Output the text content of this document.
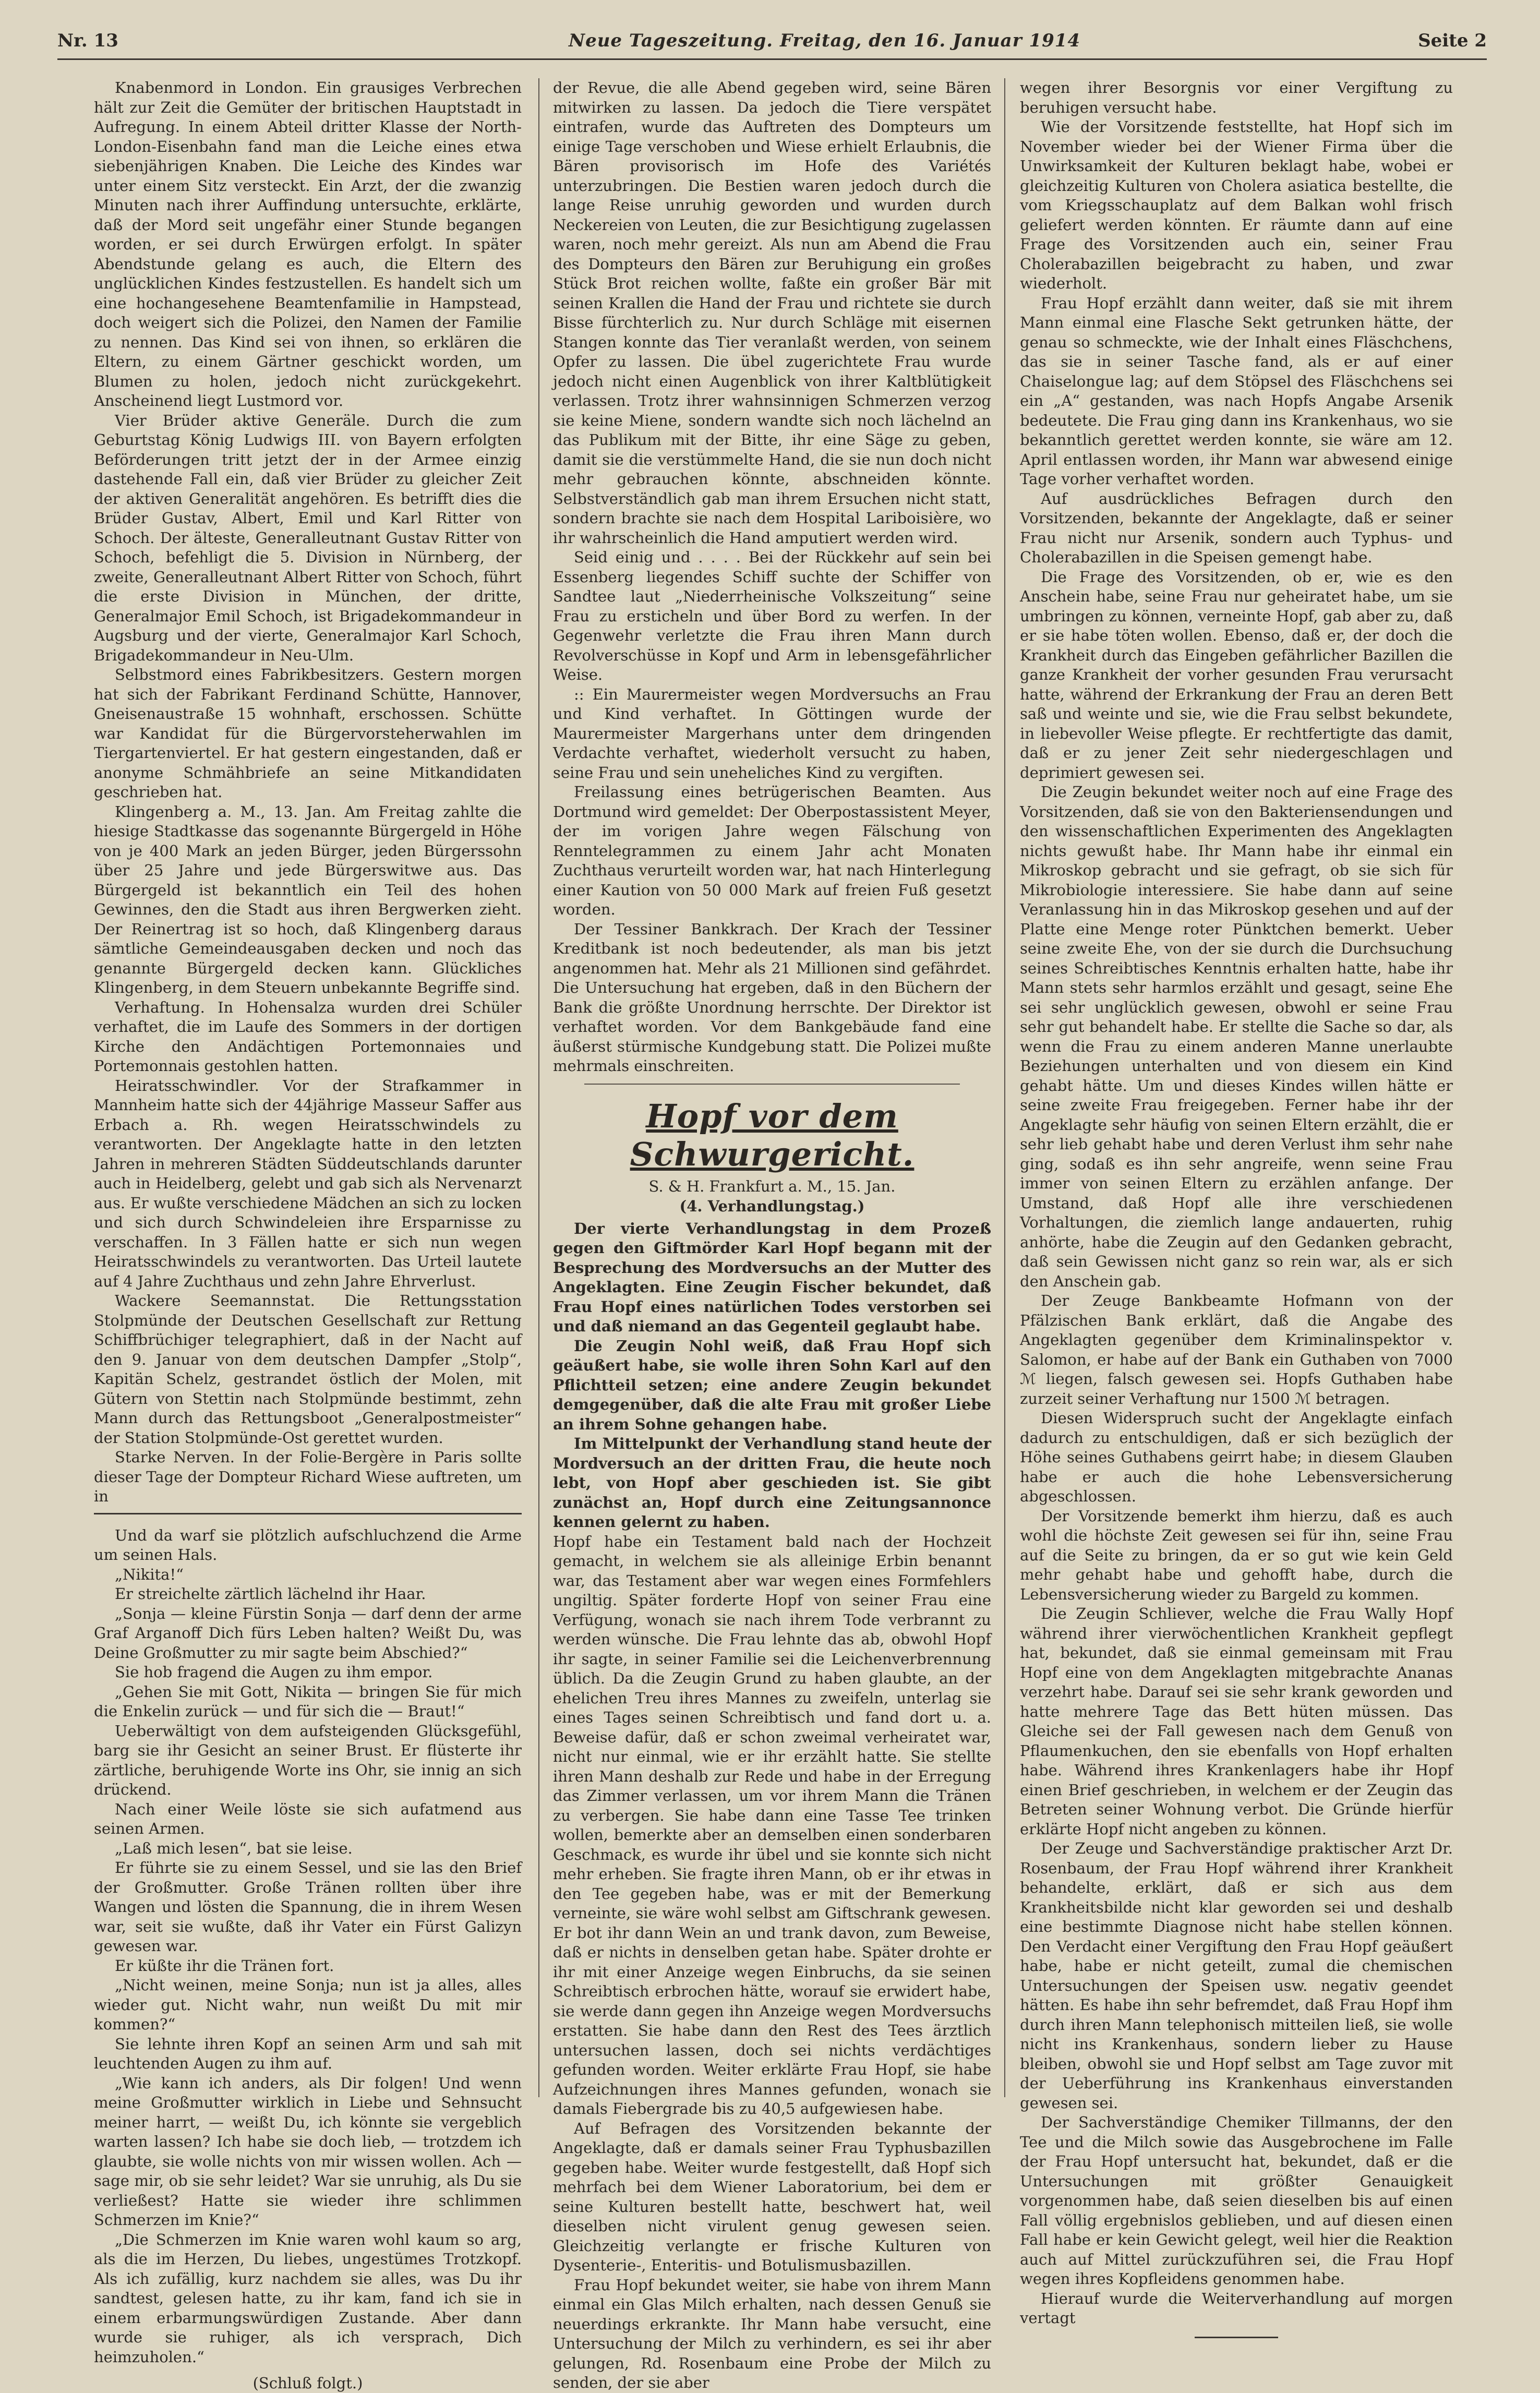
Nr. 13	Neue Tageszeitung. Freitag, den 16. Januar 1914	Seite 2

Knabenmord in London. Ein grausiges Verbrechen hält zur Zeit die Gemüter der britischen Hauptstadt in Aufregung. In einem Abteil dritter Klasse der North-London-Eisenbahn fand man die Leiche eines etwa siebenjährigen Knaben. Die Leiche des Kindes war unter einem Sitz versteckt. Ein Arzt, der die zwanzig Minuten nach ihrer Auffindung untersuchte, erklärte, daß der Mord seit ungefähr einer Stunde begangen worden, er sei durch Erwürgen erfolgt. In später Abendstunde gelang es auch, die Eltern des unglücklichen Kindes festzustellen. Es handelt sich um eine hochangesehene Beamtenfamilie in Hampstead, doch weigert sich die Polizei, den Namen der Familie zu nennen. Das Kind sei von ihnen, so erklären die Eltern, zu einem Gärtner geschickt worden, um Blumen zu holen, jedoch nicht zurückgekehrt. Anscheinend liegt Lustmord vor.

Vier Brüder aktive Generäle. Durch die zum Geburtstag König Ludwigs III. von Bayern erfolgten Beförderungen tritt jetzt der in der Armee einzig dastehende Fall ein, daß vier Brüder zu gleicher Zeit der aktiven Generalität angehören. Es betrifft dies die Brüder Gustav, Albert, Emil und Karl Ritter von Schoch. Der älteste, Generalleutnant Gustav Ritter von Schoch, befehligt die 5. Division in Nürnberg, der zweite, Generalleutnant Albert Ritter von Schoch, führt die erste Division in München, der dritte, Generalmajor Emil Schoch, ist Brigadekommandeur in Augsburg und der vierte, Generalmajor Karl Schoch, Brigadekommandeur in Neu-Ulm.

Selbstmord eines Fabrikbesitzers. Gestern morgen hat sich der Fabrikant Ferdinand Schütte, Hannover, Gneisenaustraße 15 wohnhaft, erschossen. Schütte war Kandidat für die Bürgervorsteherwahlen im Tiergartenviertel. Er hat gestern eingestanden, daß er anonyme Schmähbriefe an seine Mitkandidaten geschrieben hat.

Klingenberg a. M., 13. Jan. Am Freitag zahlte die hiesige Stadtkasse das sogenannte Bürgergeld in Höhe von je 400 Mark an jeden Bürger, jeden Bürgerssohn über 25 Jahre und jede Bürgerswitwe aus. Das Bürgergeld ist bekanntlich ein Teil des hohen Gewinnes, den die Stadt aus ihren Bergwerken zieht. Der Reinertrag ist so hoch, daß Klingenberg daraus sämtliche Gemeindeausgaben decken und noch das genannte Bürgergeld decken kann. Glückliches Klingenberg, in dem Steuern unbekannte Begriffe sind.

Verhaftung. In Hohensalza wurden drei Schüler verhaftet, die im Laufe des Sommers in der dortigen Kirche den Andächtigen Portemonnaies und Portemonnais gestohlen hatten.

Heiratsschwindler. Vor der Strafkammer in Mannheim hatte sich der 44jährige Masseur Saffer aus Erbach a. Rh. wegen Heiratsschwindels zu verantworten. Der Angeklagte hatte in den letzten Jahren in mehreren Städten Süddeutschlands darunter auch in Heidelberg, gelebt und gab sich als Nervenarzt aus. Er wußte verschiedene Mädchen an sich zu locken und sich durch Schwindeleien ihre Ersparnisse zu verschaffen. In 3 Fällen hatte er sich nun wegen Heiratsschwindels zu verantworten. Das Urteil lautete auf 4 Jahre Zuchthaus und zehn Jahre Ehrverlust.

Wackere Seemannstat. Die Rettungsstation Stolpmünde der Deutschen Gesellschaft zur Rettung Schiffbrüchiger telegraphiert, daß in der Nacht auf den 9. Januar von dem deutschen Dampfer „Stolp“, Kapitän Schelz, gestrandet östlich der Molen, mit Gütern von Stettin nach Stolpmünde bestimmt, zehn Mann durch das Rettungsboot „Generalpostmeister“ der Station Stolpmünde-Ost gerettet wurden.

Starke Nerven. In der Folie-Bergère in Paris sollte dieser Tage der Dompteur Richard Wiese auftreten, um in

Und da warf sie plötzlich aufschluchzend die Arme um seinen Hals.

„Nikita!“

Er streichelte zärtlich lächelnd ihr Haar.

„Sonja — kleine Fürstin Sonja — darf denn der arme Graf Arganoff Dich fürs Leben halten? Weißt Du, was Deine Großmutter zu mir sagte beim Abschied?“

Sie hob fragend die Augen zu ihm empor.

„Gehen Sie mit Gott, Nikita — bringen Sie für mich die Enkelin zurück — und für sich die — Braut!“

Ueberwältigt von dem aufsteigenden Glücksgefühl, barg sie ihr Gesicht an seiner Brust. Er flüsterte ihr zärtliche, beruhigende Worte ins Ohr, sie innig an sich drückend.

Nach einer Weile löste sie sich aufatmend aus seinen Armen.

„Laß mich lesen“, bat sie leise.

Er führte sie zu einem Sessel, und sie las den Brief der Großmutter. Große Tränen rollten über ihre Wangen und lösten die Spannung, die in ihrem Wesen war, seit sie wußte, daß ihr Vater ein Fürst Galizyn gewesen war.

Er küßte ihr die Tränen fort.

„Nicht weinen, meine Sonja; nun ist ja alles, alles wieder gut. Nicht wahr, nun weißt Du mit mir kommen?“

Sie lehnte ihren Kopf an seinen Arm und sah mit leuchtenden Augen zu ihm auf.

„Wie kann ich anders, als Dir folgen! Und wenn meine Großmutter wirklich in Liebe und Sehnsucht meiner harrt, — weißt Du, ich könnte sie vergeblich warten lassen? Ich habe sie doch lieb, — trotzdem ich glaubte, sie wolle nichts von mir wissen wollen. Ach — sage mir, ob sie sehr leidet? War sie unruhig, als Du sie verließest? Hatte sie wieder ihre schlimmen Schmerzen im Knie?“

„Die Schmerzen im Knie waren wohl kaum so arg, als die im Herzen, Du liebes, ungestümes Trotzkopf. Als ich zufällig, kurz nachdem sie alles, was Du ihr sandtest, gelesen hatte, zu ihr kam, fand ich sie in einem erbarmungswürdigen Zustande. Aber dann wurde sie ruhiger, als ich versprach, Dich heimzuholen.“

(Schluß folgt.)

der Revue, die alle Abend gegeben wird, seine Bären mitwirken zu lassen. Da jedoch die Tiere verspätet eintrafen, wurde das Auftreten des Dompteurs um einige Tage verschoben und Wiese erhielt Erlaubnis, die Bären provisorisch im Hofe des Variétés unterzubringen. Die Bestien waren jedoch durch die lange Reise unruhig geworden und wurden durch Neckereien von Leuten, die zur Besichtigung zugelassen waren, noch mehr gereizt. Als nun am Abend die Frau des Dompteurs den Bären zur Beruhigung ein großes Stück Brot reichen wollte, faßte ein großer Bär mit seinen Krallen die Hand der Frau und richtete sie durch Bisse fürchterlich zu. Nur durch Schläge mit eisernen Stangen konnte das Tier veranlaßt werden, von seinem Opfer zu lassen. Die übel zugerichtete Frau wurde jedoch nicht einen Augenblick von ihrer Kaltblütigkeit verlassen. Trotz ihrer wahnsinnigen Schmerzen verzog sie keine Miene, sondern wandte sich noch lächelnd an das Publikum mit der Bitte, ihr eine Säge zu geben, damit sie die verstümmelte Hand, die sie nun doch nicht mehr gebrauchen könnte, abschneiden könnte. Selbstverständlich gab man ihrem Ersuchen nicht statt, sondern brachte sie nach dem Hospital Lariboisière, wo ihr wahrscheinlich die Hand amputiert werden wird.

Seid einig und . . . . Bei der Rückkehr auf sein bei Essenberg liegendes Schiff suchte der Schiffer von Sandtee laut „Niederrheinische Volkszeitung“ seine Frau zu ersticheln und über Bord zu werfen. In der Gegenwehr verletzte die Frau ihren Mann durch Revolverschüsse in Kopf und Arm in lebensgefährlicher Weise.

:: Ein Maurermeister wegen Mordversuchs an Frau und Kind verhaftet. In Göttingen wurde der Maurermeister Margerhans unter dem dringenden Verdachte verhaftet, wiederholt versucht zu haben, seine Frau und sein uneheliches Kind zu vergiften.

Freilassung eines betrügerischen Beamten. Aus Dortmund wird gemeldet: Der Oberpostassistent Meyer, der im vorigen Jahre wegen Fälschung von Renntelegrammen zu einem Jahr acht Monaten Zuchthaus verurteilt worden war, hat nach Hinterlegung einer Kaution von 50 000 Mark auf freien Fuß gesetzt worden.

Der Tessiner Bankkrach. Der Krach der Tessiner Kreditbank ist noch bedeutender, als man bis jetzt angenommen hat. Mehr als 21 Millionen sind gefährdet. Die Untersuchung hat ergeben, daß in den Büchern der Bank die größte Unordnung herrschte. Der Direktor ist verhaftet worden. Vor dem Bankgebäude fand eine äußerst stürmische Kundgebung statt. Die Polizei mußte mehrmals einschreiten.

Hopf vor dem Schwurgericht.

S. & H. Frankfurt a. M., 15. Jan.

(4. Verhandlungstag.)

Der vierte Verhandlungstag in dem Prozeß gegen den Giftmörder Karl Hopf begann mit der Besprechung des Mordversuchs an der Mutter des Angeklagten. Eine Zeugin Fischer bekundet, daß Frau Hopf eines natürlichen Todes verstorben sei und daß niemand an das Gegenteil geglaubt habe.

Die Zeugin Nohl weiß, daß Frau Hopf sich geäußert habe, sie wolle ihren Sohn Karl auf den Pflichtteil setzen; eine andere Zeugin bekundet demgegenüber, daß die alte Frau mit großer Liebe an ihrem Sohne gehangen habe.

Im Mittelpunkt der Verhandlung stand heute der Mordversuch an der dritten Frau, die heute noch lebt, von Hopf aber geschieden ist. Sie gibt zunächst an, Hopf durch eine Zeitungsannonce kennen gelernt zu haben.

Hopf habe ein Testament bald nach der Hochzeit gemacht, in welchem sie als alleinige Erbin benannt war, das Testament aber war wegen eines Formfehlers ungiltig. Später forderte Hopf von seiner Frau eine Verfügung, wonach sie nach ihrem Tode verbrannt zu werden wünsche. Die Frau lehnte das ab, obwohl Hopf ihr sagte, in seiner Familie sei die Leichenverbrennung üblich. Da die Zeugin Grund zu haben glaubte, an der ehelichen Treu ihres Mannes zu zweifeln, unterlag sie eines Tages seinen Schreibtisch und fand dort u. a. Beweise dafür, daß er schon zweimal verheiratet war, nicht nur einmal, wie er ihr erzählt hatte. Sie stellte ihren Mann deshalb zur Rede und habe in der Erregung das Zimmer verlassen, um vor ihrem Mann die Tränen zu verbergen. Sie habe dann eine Tasse Tee trinken wollen, bemerkte aber an demselben einen sonderbaren Geschmack, es wurde ihr übel und sie konnte sich nicht mehr erheben. Sie fragte ihren Mann, ob er ihr etwas in den Tee gegeben habe, was er mit der Bemerkung verneinte, sie wäre wohl selbst am Giftschrank gewesen. Er bot ihr dann Wein an und trank davon, zum Beweise, daß er nichts in denselben getan habe. Später drohte er ihr mit einer Anzeige wegen Einbruchs, da sie seinen Schreibtisch erbrochen hätte, worauf sie erwidert habe, sie werde dann gegen ihn Anzeige wegen Mordversuchs erstatten. Sie habe dann den Rest des Tees ärztlich untersuchen lassen, doch sei nichts verdächtiges gefunden worden. Weiter erklärte Frau Hopf, sie habe Aufzeichnungen ihres Mannes gefunden, wonach sie damals Fiebergrade bis zu 40,5 aufgewiesen habe.

Auf Befragen des Vorsitzenden bekannte der Angeklagte, daß er damals seiner Frau Typhusbazillen gegeben habe. Weiter wurde festgestellt, daß Hopf sich mehrfach bei dem Wiener Laboratorium, bei dem er seine Kulturen bestellt hatte, beschwert hat, weil dieselben nicht virulent genug gewesen seien. Gleichzeitig verlangte er frische Kulturen von Dysenterie-, Enteritis- und Botulismusbazillen.

Frau Hopf bekundet weiter, sie habe von ihrem Mann einmal ein Glas Milch erhalten, nach dessen Genuß sie neuerdings erkrankte. Ihr Mann habe versucht, eine Untersuchung der Milch zu verhindern, es sei ihr aber gelungen, Rd. Rosenbaum eine Probe der Milch zu senden, der sie aber

wegen ihrer Besorgnis vor einer Vergiftung zu beruhigen versucht habe.

Wie der Vorsitzende feststellte, hat Hopf sich im November wieder bei der Wiener Firma über die Unwirksamkeit der Kulturen beklagt habe, wobei er gleichzeitig Kulturen von Cholera asiatica bestellte, die vom Kriegsschauplatz auf dem Balkan wohl frisch geliefert werden könnten. Er räumte dann auf eine Frage des Vorsitzenden auch ein, seiner Frau Cholerabazillen beigebracht zu haben, und zwar wiederholt.

Frau Hopf erzählt dann weiter, daß sie mit ihrem Mann einmal eine Flasche Sekt getrunken hätte, der genau so schmeckte, wie der Inhalt eines Fläschchens, das sie in seiner Tasche fand, als er auf einer Chaiselongue lag; auf dem Stöpsel des Fläschchens sei ein „A“ gestanden, was nach Hopfs Angabe Arsenik bedeutete. Die Frau ging dann ins Krankenhaus, wo sie bekanntlich gerettet werden konnte, sie wäre am 12. April entlassen worden, ihr Mann war abwesend einige Tage vorher verhaftet worden.

Auf ausdrückliches Befragen durch den Vorsitzenden, bekannte der Angeklagte, daß er seiner Frau nicht nur Arsenik, sondern auch Typhus- und Cholerabazillen in die Speisen gemengt habe.

Die Frage des Vorsitzenden, ob er, wie es den Anschein habe, seine Frau nur geheiratet habe, um sie umbringen zu können, verneinte Hopf, gab aber zu, daß er sie habe töten wollen. Ebenso, daß er, der doch die Krankheit durch das Eingeben gefährlicher Bazillen die ganze Krankheit der vorher gesunden Frau verursacht hatte, während der Erkrankung der Frau an deren Bett saß und weinte und sie, wie die Frau selbst bekundete, in liebevoller Weise pflegte. Er rechtfertigte das damit, daß er zu jener Zeit sehr niedergeschlagen und deprimiert gewesen sei.

Die Zeugin bekundet weiter noch auf eine Frage des Vorsitzenden, daß sie von den Bakteriensendungen und den wissenschaftlichen Experimenten des Angeklagten nichts gewußt habe. Ihr Mann habe ihr einmal ein Mikroskop gebracht und sie gefragt, ob sie sich für Mikrobiologie interessiere. Sie habe dann auf seine Veranlassung hin in das Mikroskop gesehen und auf der Platte eine Menge roter Pünktchen bemerkt. Ueber seine zweite Ehe, von der sie durch die Durchsuchung seines Schreibtisches Kenntnis erhalten hatte, habe ihr Mann stets sehr harmlos erzählt und gesagt, seine Ehe sei sehr unglücklich gewesen, obwohl er seine Frau sehr gut behandelt habe. Er stellte die Sache so dar, als wenn die Frau zu einem anderen Manne unerlaubte Beziehungen unterhalten und von diesem ein Kind gehabt hätte. Um und dieses Kindes willen hätte er seine zweite Frau freigegeben. Ferner habe ihr der Angeklagte sehr häufig von seinen Eltern erzählt, die er sehr lieb gehabt habe und deren Verlust ihm sehr nahe ging, sodaß es ihn sehr angreife, wenn seine Frau immer von seinen Eltern zu erzählen anfange. Der Umstand, daß Hopf alle ihre verschiedenen Vorhaltungen, die ziemlich lange andauerten, ruhig anhörte, habe die Zeugin auf den Gedanken gebracht, daß sein Gewissen nicht ganz so rein war, als er sich den Anschein gab.

Der Zeuge Bankbeamte Hofmann von der Pfälzischen Bank erklärt, daß die Angabe des Angeklagten gegenüber dem Kriminalinspektor v. Salomon, er habe auf der Bank ein Guthaben von 7000 ℳ liegen, falsch gewesen sei. Hopfs Guthaben habe zurzeit seiner Verhaftung nur 1500 ℳ betragen.

Diesen Widerspruch sucht der Angeklagte einfach dadurch zu entschuldigen, daß er sich bezüglich der Höhe seines Guthabens geirrt habe; in diesem Glauben habe er auch die hohe Lebensversicherung abgeschlossen.

Der Vorsitzende bemerkt ihm hierzu, daß es auch wohl die höchste Zeit gewesen sei für ihn, seine Frau auf die Seite zu bringen, da er so gut wie kein Geld mehr gehabt habe und gehofft habe, durch die Lebensversicherung wieder zu Bargeld zu kommen.

Die Zeugin Schliever, welche die Frau Wally Hopf während ihrer vierwöchentlichen Krankheit gepflegt hat, bekundet, daß sie einmal gemeinsam mit Frau Hopf eine von dem Angeklagten mitgebrachte Ananas verzehrt habe. Darauf sei sie sehr krank geworden und hatte mehrere Tage das Bett hüten müssen. Das Gleiche sei der Fall gewesen nach dem Genuß von Pflaumenkuchen, den sie ebenfalls von Hopf erhalten habe. Während ihres Krankenlagers habe ihr Hopf einen Brief geschrieben, in welchem er der Zeugin das Betreten seiner Wohnung verbot. Die Gründe hierfür erklärte Hopf nicht angeben zu können.

Der Zeuge und Sachverständige praktischer Arzt Dr. Rosenbaum, der Frau Hopf während ihrer Krankheit behandelte, erklärt, daß er sich aus dem Krankheitsbilde nicht klar geworden sei und deshalb eine bestimmte Diagnose nicht habe stellen können. Den Verdacht einer Vergiftung den Frau Hopf geäußert habe, habe er nicht geteilt, zumal die chemischen Untersuchungen der Speisen usw. negativ geendet hätten. Es habe ihn sehr befremdet, daß Frau Hopf ihm durch ihren Mann telephonisch mitteilen ließ, sie wolle nicht ins Krankenhaus, sondern lieber zu Hause bleiben, obwohl sie und Hopf selbst am Tage zuvor mit der Ueberführung ins Krankenhaus einverstanden gewesen sei.

Der Sachverständige Chemiker Tillmanns, der den Tee und die Milch sowie das Ausgebrochene im Falle der Frau Hopf untersucht hat, bekundet, daß er die Untersuchungen mit größter Genauigkeit vorgenommen habe, daß seien dieselben bis auf einen Fall völlig ergebnislos geblieben, und auf diesen einen Fall habe er kein Gewicht gelegt, weil hier die Reaktion auch auf Mittel zurückzuführen sei, die Frau Hopf wegen ihres Kopfleidens genommen habe.

Hierauf wurde die Weiterverhandlung auf morgen vertagt
